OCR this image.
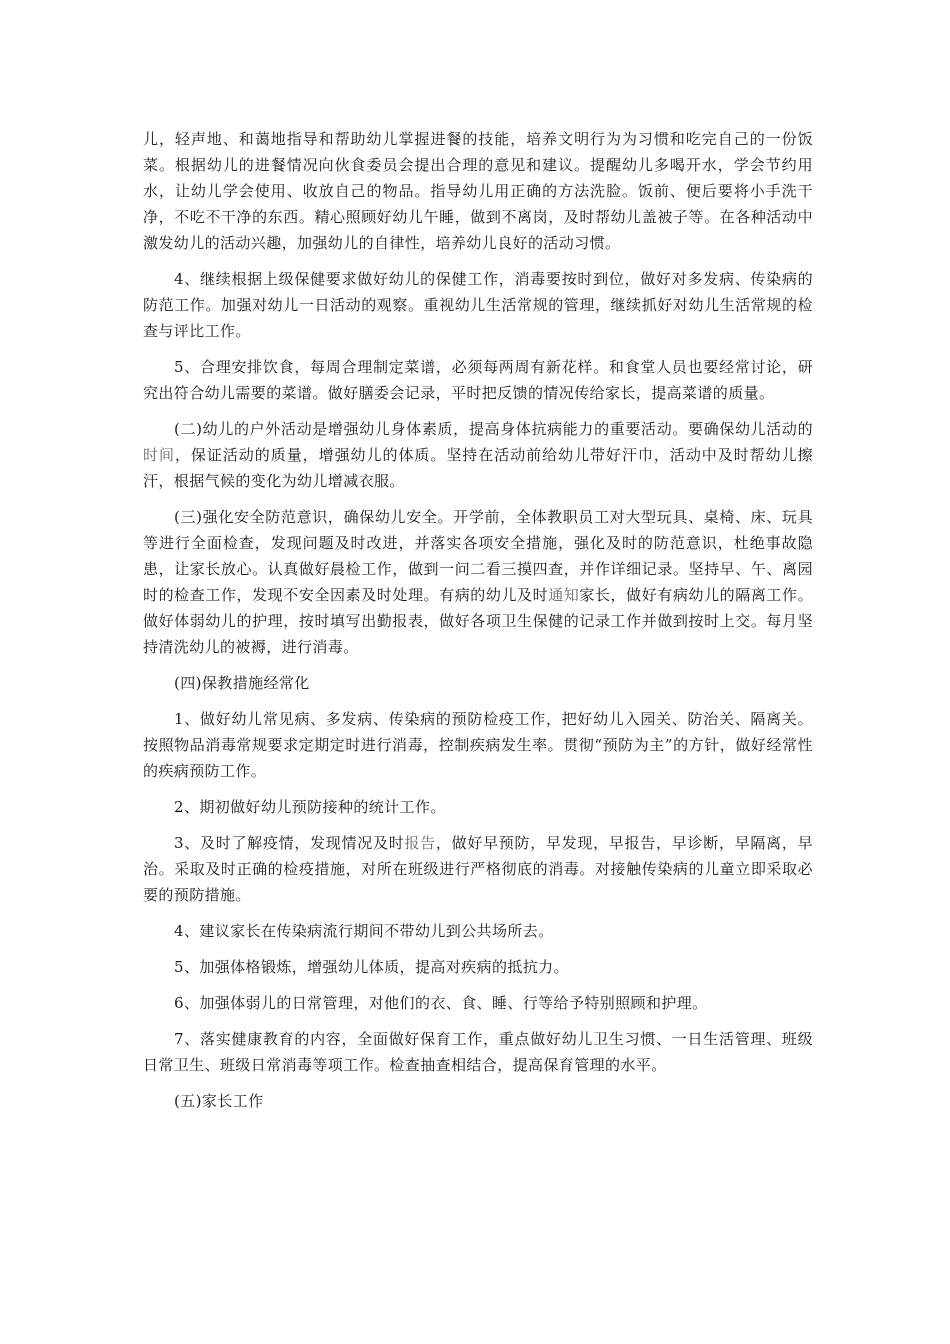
儿，轻声地、和蔼地指导和帮助幼儿掌握进餐的技能，培养文明行为为习惯和吃完自己的一份饭菜。根据幼儿的进餐情况向伙食委员会提出合理的意见和建议。提醒幼儿多喝开水，学会节约用水，让幼儿学会使用、收放自己的物品。指导幼儿用正确的方法洗脸。饭前、便后要将小手洗干净，不吃不干净的东西。精心照顾好幼儿午睡，做到不离岗，及时帮幼儿盖被子等。在各种活动中激发幼儿的活动兴趣，加强幼儿的自律性，培养幼儿良好的活动习惯。

4、继续根据上级保健要求做好幼儿的保健工作，消毒要按时到位，做好对多发病、传染病的防范工作。加强对幼儿一日活动的观察。重视幼儿生活常规的管理，继续抓好对幼儿生活常规的检查与评比工作。

5、合理安排饮食，每周合理制定菜谱，必须每两周有新花样。和食堂人员也要经常讨论，研究出符合幼儿需要的菜谱。做好膳委会记录，平时把反馈的情况传给家长，提高菜谱的质量。

(二)幼儿的户外活动是增强幼儿身体素质，提高身体抗病能力的重要活动。要确保幼儿活动的时间，保证活动的质量，增强幼儿的体质。坚持在活动前给幼儿带好汗巾，活动中及时帮幼儿擦汗，根据气候的变化为幼儿增减衣服。

(三)强化安全防范意识，确保幼儿安全。开学前，全体教职员工对大型玩具、桌椅、床、玩具等进行全面检查，发现问题及时改进，并落实各项安全措施，强化及时的防范意识，杜绝事故隐患，让家长放心。认真做好晨检工作，做到一问二看三摸四查，并作详细记录。坚持早、午、离园时的检查工作，发现不安全因素及时处理。有病的幼儿及时通知家长，做好有病幼儿的隔离工作。做好体弱幼儿的护理，按时填写出勤报表，做好各项卫生保健的记录工作并做到按时上交。每月坚持清洗幼儿的被褥，进行消毒。

(四)保教措施经常化

1、做好幼儿常见病、多发病、传染病的预防检疫工作，把好幼儿入园关、防治关、隔离关。按照物品消毒常规要求定期定时进行消毒，控制疾病发生率。贯彻“预防为主”的方针，做好经常性的疾病预防工作。

2、期初做好幼儿预防接种的统计工作。

3、及时了解疫情，发现情况及时报告，做好早预防，早发现，早报告，早诊断，早隔离，早治。采取及时正确的检疫措施，对所在班级进行严格彻底的消毒。对接触传染病的儿童立即采取必要的预防措施。

4、建议家长在传染病流行期间不带幼儿到公共场所去。

5、加强体格锻炼，增强幼儿体质，提高对疾病的抵抗力。

6、加强体弱儿的日常管理，对他们的衣、食、睡、行等给予特别照顾和护理。

7、落实健康教育的内容，全面做好保育工作，重点做好幼儿卫生习惯、一日生活管理、班级日常卫生、班级日常消毒等项工作。检查抽查相结合，提高保育管理的水平。

(五)家长工作
